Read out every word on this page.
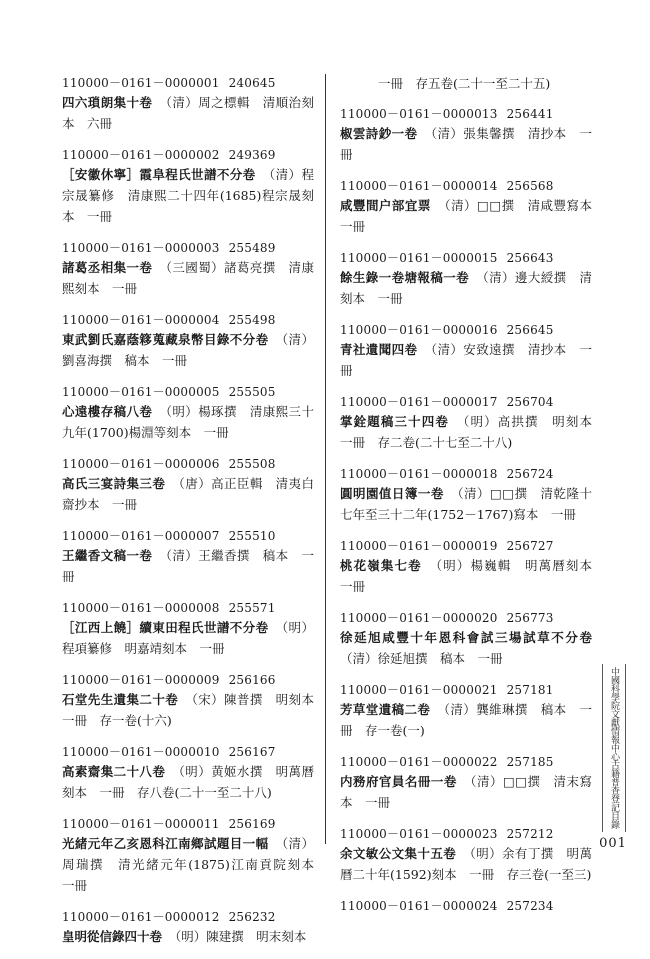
110000－0161－0000001 240645
四六瑣朗集十卷　 （清）周之標輯　清順治刻本　六冊
110000－0161－0000002 249369
［安徽休寧］霞阜程氏世譜不分卷　 （清）程宗晟纂修　清康熙二十四年(1685)程宗晟刻本　一冊
110000－0161－0000003 255489
諸葛丞相集一卷　 （三國蜀）諸葛亮撰　清康熙刻本　一冊
110000－0161－0000004 255498
東武劉氏嘉蔭簃蒐藏泉幣目錄不分卷　 （清）劉喜海撰　稿本　一冊
110000－0161－0000005 255505
心遠樓存稿八卷　 （明）楊琢撰　清康熙三十九年(1700)楊淵等刻本　一冊
110000－0161－0000006 255508
高氏三宴詩集三卷　 （唐）高正臣輯　清夷白齋抄本　一冊
110000－0161－0000007 255510
王繼香文稿一卷　 （清）王繼香撰　稿本　一冊
110000－0161－0000008 255571
［江西上饒］續東田程氏世譜不分卷　 （明）程項纂修　明嘉靖刻本　一冊
110000－0161－0000009 256166
石堂先生遺集二十卷　 （宋）陳普撰　明刻本　一冊　存一卷(十六)
110000－0161－0000010 256167
高素齋集二十八卷　 （明）黄姬水撰　明萬曆刻本　一冊　存八卷(二十一至二十八)
110000－0161－0000011 256169
光緒元年乙亥恩科江南鄉試題目一幅　 （清）周瑞撰　清光緒元年(1875)江南貢院刻本　一冊
110000－0161－0000012 256232
皇明從信錄四十卷　 （明）陳建撰　明末刻本
一冊　存五卷(二十一至二十五)
110000－0161－0000013 256441
椒雲詩鈔一卷　 （清）張集馨撰　清抄本　一冊
110000－0161－0000014 256568
咸豐間户部宜票　 （清）□□撰　清咸豐寫本　一冊
110000－0161－0000015 256643
餘生錄一卷塘報稿一卷　 （清）邊大綬撰　清刻本　一冊
110000－0161－0000016 256645
青社遺聞四卷　 （清）安致遠撰　清抄本　一冊
110000－0161－0000017 256704
掌銓題稿三十四卷　 （明）高拱撰　明刻本　一冊　存二卷(二十七至二十八)
110000－0161－0000018 256724
圓明園值日簿一卷　 （清）□□撰　清乾隆十七年至三十二年(1752－1767)寫本　一冊
110000－0161－0000019 256727
桃花嶺集七卷　 （明）楊巍輯　明萬曆刻本　一冊
110000－0161－0000020 256773
徐延旭咸豐十年恩科會試三場試草不分卷　（清）徐延旭撰　稿本　一冊
110000－0161－0000021 257181
芳草堂遺稿二卷　 （清）龔維琳撰　稿本　一冊　存一卷(一)
110000－0161－0000022 257185
内務府官員名冊一卷　 （清）□□撰　清末寫本　一冊
110000－0161－0000023 257212
余文敏公文集十五卷　 （明）余有丁撰　明萬曆二十年(1592)刻本　一冊　存三卷(一至三)
110000－0161－0000024 257234
中國科學院文獻情報中心古籍普查登記目錄
001
